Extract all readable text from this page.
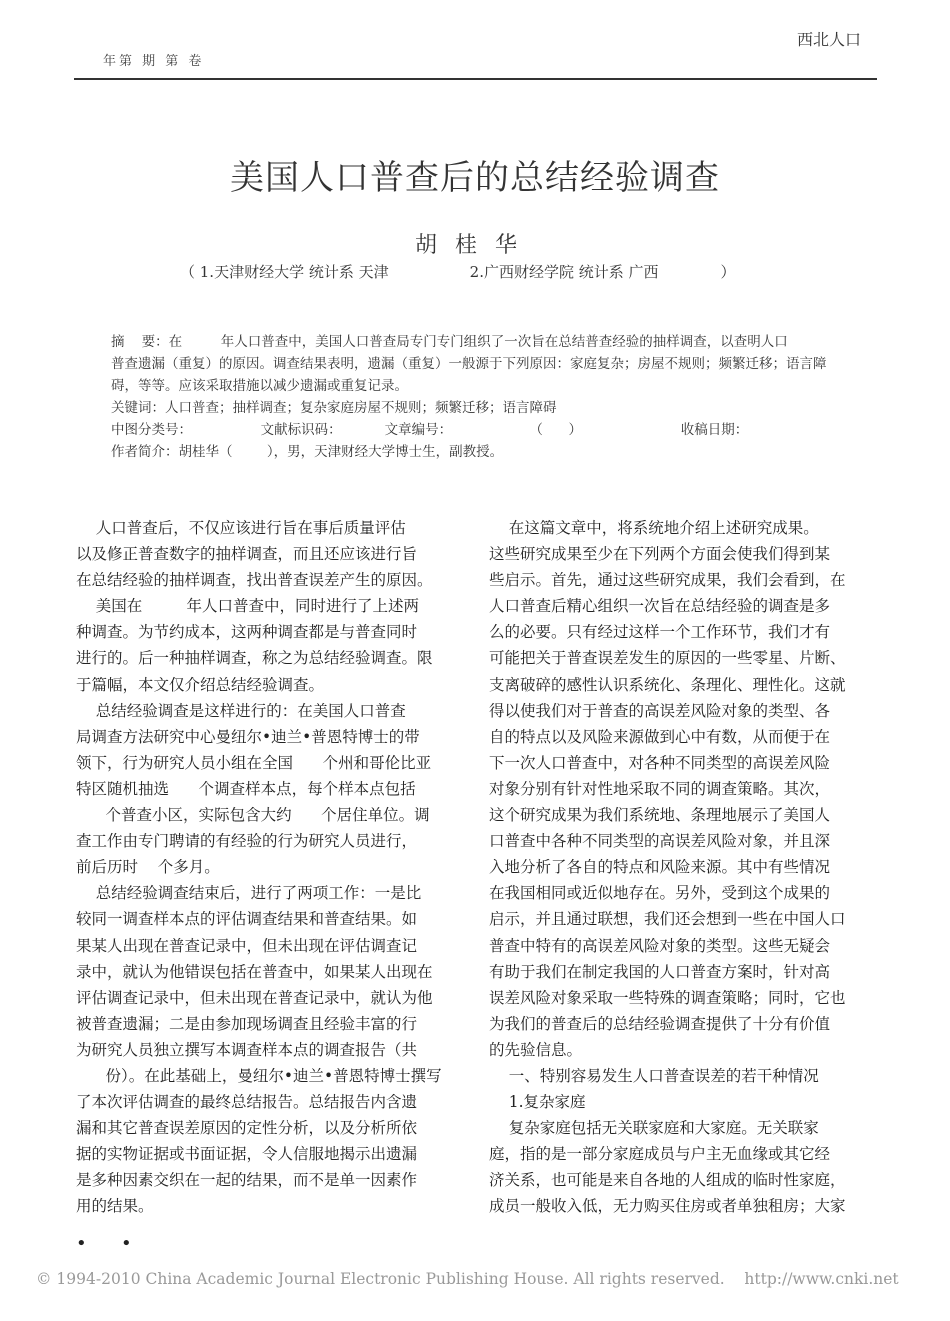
年第 期 第 卷
西北人口
美国人口普查后的总结经验调查
胡桂华
（ 1.天津财经大学 统计系 天津                 2.广西财经学院 统计系 广西             ）
摘    要：在         年人口普查中，美国人口普查局专门专门组织了一次旨在总结普查经验的抽样调查，以查明人口
普查遗漏（重复）的原因。调查结果表明，遗漏（重复）一般源于下列原因：家庭复杂；房屋不规则；频繁迁移；语言障
碍，等等。应该采取措施以减少遗漏或重复记录。
关键词：人口普查；抽样调查；复杂家庭房屋不规则；频繁迁移；语言障碍
中图分类号：                文献标识码：          文章编号：                  （      ）                       收稿日期：
作者简介：胡桂华（        ），男，天津财经大学博士生，副教授。
人口普查后，不仅应该进行旨在事后质量评估
以及修正普查数字的抽样调查，而且还应该进行旨
在总结经验的抽样调查，找出普查误差产生的原因。
美国在         年人口普查中，同时进行了上述两
种调查。为节约成本，这两种调查都是与普查同时
进行的。后一种抽样调查，称之为总结经验调查。限
于篇幅，本文仅介绍总结经验调查。
总结经验调查是这样进行的：在美国人口普查
局调查方法研究中心曼纽尔•迪兰•普恩特博士的带
领下，行为研究人员小组在全国      个州和哥伦比亚
特区随机抽选      个调查样本点，每个样本点包括
个普查小区，实际包含大约      个居住单位。调
查工作由专门聘请的有经验的行为研究人员进行，
前后历时    个多月。
总结经验调查结束后，进行了两项工作：一是比
较同一调查样本点的评估调查结果和普查结果。如
果某人出现在普查记录中，但未出现在评估调查记
录中，就认为他错误包括在普查中，如果某人出现在
评估调查记录中，但未出现在普查记录中，就认为他
被普查遗漏；二是由参加现场调查且经验丰富的行
为研究人员独立撰写本调查样本点的调查报告（共
份）。在此基础上，曼纽尔•迪兰•普恩特博士撰写
了本次评估调查的最终总结报告。总结报告内含遗
漏和其它普查误差原因的定性分析，以及分析所依
据的实物证据或书面证据，令人信服地揭示出遗漏
是多种因素交织在一起的结果，而不是单一因素作
用的结果。
在这篇文章中，将系统地介绍上述研究成果。
这些研究成果至少在下列两个方面会使我们得到某
些启示。首先，通过这些研究成果，我们会看到，在
人口普查后精心组织一次旨在总结经验的调查是多
么的必要。只有经过这样一个工作环节，我们才有
可能把关于普查误差发生的原因的一些零星、片断、
支离破碎的感性认识系统化、条理化、理性化。这就
得以使我们对于普查的高误差风险对象的类型、各
自的特点以及风险来源做到心中有数，从而便于在
下一次人口普查中，对各种不同类型的高误差风险
对象分别有针对性地采取不同的调查策略。其次，
这个研究成果为我们系统地、条理地展示了美国人
口普查中各种不同类型的高误差风险对象，并且深
入地分析了各自的特点和风险来源。其中有些情况
在我国相同或近似地存在。另外，受到这个成果的
启示，并且通过联想，我们还会想到一些在中国人口
普查中特有的高误差风险对象的类型。这些无疑会
有助于我们在制定我国的人口普查方案时，针对高
误差风险对象采取一些特殊的调查策略；同时，它也
为我们的普查后的总结经验调查提供了十分有价值
的先验信息。
一、特别容易发生人口普查误差的若干种情况
1.复杂家庭
复杂家庭包括无关联家庭和大家庭。无关联家
庭，指的是一部分家庭成员与户主无血缘或其它经
济关系，也可能是来自各地的人组成的临时性家庭，
成员一般收入低，无力购买住房或者单独租房；大家
•      •
© 1994-2010 China Academic Journal Electronic Publishing House. All rights reserved.    http://www.cnki.net
